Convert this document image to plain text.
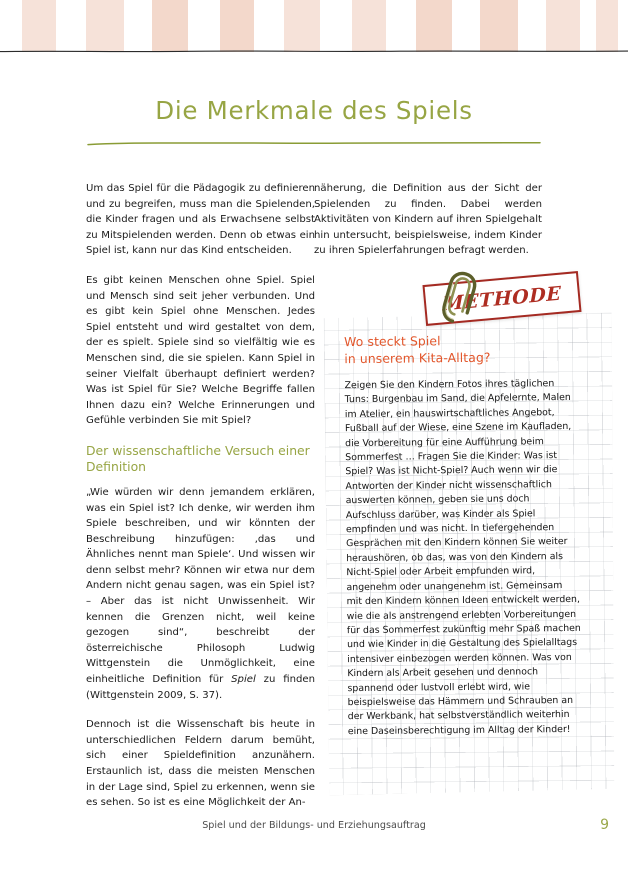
Die Merkmale des Spiels

Um das Spiel für die Pädagogik zu definieren und zu begreifen, muss man die Spielenden, die Kinder fragen und als Erwachsene selbst zu Mitspielenden werden. Denn ob etwas ein Spiel ist, kann nur das Kind entscheiden.

Es gibt keinen Menschen ohne Spiel. Spiel und Mensch sind seit jeher verbunden. Und es gibt kein Spiel ohne Menschen. Jedes Spiel entsteht und wird gestaltet von dem, der es spielt. Spiele sind so vielfältig wie es Menschen sind, die sie spielen. Kann Spiel in seiner Vielfalt überhaupt definiert werden? Was ist Spiel für Sie? Welche Begriffe fallen Ihnen dazu ein? Welche Erinnerungen und Gefühle verbinden Sie mit Spiel?

Der wissenschaftliche Versuch einer Definition

„Wie würden wir denn jemandem erklären, was ein Spiel ist? Ich denke, wir werden ihm Spiele beschreiben, und wir könnten der Beschreibung hinzufügen: ‚das und Ähnliches nennt man Spiele‘. Und wissen wir denn selbst mehr? Können wir etwa nur dem Andern nicht genau sagen, was ein Spiel ist? – Aber das ist nicht Unwissenheit. Wir kennen die Grenzen nicht, weil keine gezogen sind“, beschreibt der österreichische Philosoph Ludwig Wittgenstein die Unmöglichkeit, eine einheitliche Definition für Spiel zu finden (Wittgenstein 2009, S. 37).

Dennoch ist die Wissenschaft bis heute in unterschiedlichen Feldern darum bemüht, sich einer Spieldefinition anzunähern. Erstaunlich ist, dass die meisten Menschen in der Lage sind, Spiel zu erkennen, wenn sie es sehen. So ist es eine Möglichkeit der An-

näherung, die Definition aus der Sicht der Spielenden zu finden. Dabei werden Aktivitäten von Kindern auf ihren Spielgehalt hin untersucht, beispielsweise, indem Kinder zu ihren Spielerfahrungen befragt werden.

Wo steckt Spiel
in unserem Kita-Alltag?

Zeigen Sie den Kindern Fotos ihres täglichen Tuns: Burgenbau im Sand, die Apfelernte, Malen im Atelier, ein hauswirtschaftliches Angebot, Fußball auf der Wiese, eine Szene im Kaufladen, die Vorbereitung für eine Aufführung beim Sommerfest … Fragen Sie die Kinder: Was ist Spiel? Was ist Nicht-Spiel? Auch wenn wir die Antworten der Kinder nicht wissenschaftlich auswerten können, geben sie uns doch Aufschluss darüber, was Kinder als Spiel empfinden und was nicht. In tiefergehenden Gesprächen mit den Kindern können Sie weiter heraushören, ob das, was von den Kindern als Nicht-Spiel oder Arbeit empfunden wird, angenehm oder unangenehm ist. Gemeinsam mit den Kindern können Ideen entwickelt werden, wie die als anstrengend erlebten Vorbereitungen für das Sommerfest zukünftig mehr Spaß machen und wie Kinder in die Gestaltung des Spielalltags intensiver einbezogen werden können. Was von Kindern als Arbeit gesehen und dennoch spannend oder lustvoll erlebt wird, wie beispielsweise das Hämmern und Schrauben an der Werkbank, hat selbstverständlich weiterhin eine Daseinsberechtigung im Alltag der Kinder!

METHODE
Spiel und der Bildungs- und Erziehungsauftrag	9
